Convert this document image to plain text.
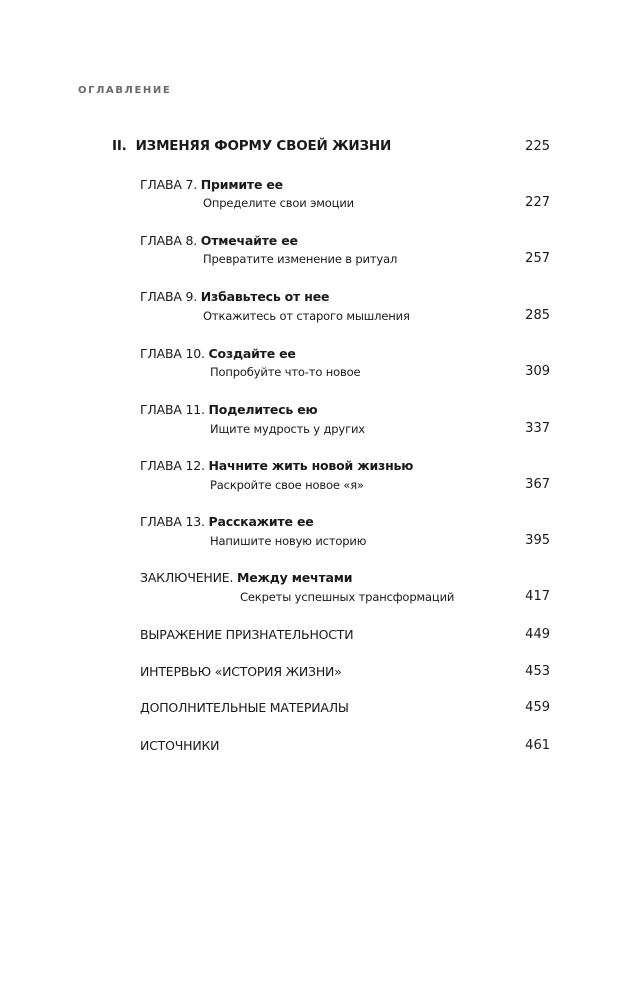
ОГЛАВЛЕНИЕ
II. ИЗМЕНЯЯ ФОРМУ СВОЕЙ ЖИЗНИ	225
ГЛАВА 7. Примите ее
Определите свои эмоции	227
ГЛАВА 8. Отмечайте ее
Превратите изменение в ритуал	257
ГЛАВА 9. Избавьтесь от нее
Откажитесь от старого мышления	285
ГЛАВА 10. Создайте ее
Попробуйте что-то новое	309
ГЛАВА 11. Поделитесь ею
Ищите мудрость у других	337
ГЛАВА 12. Начните жить новой жизнью
Раскройте свое новое «я»	367
ГЛАВА 13. Расскажите ее
Напишите новую историю	395
ЗАКЛЮЧЕНИЕ. Между мечтами
Секреты успешных трансформаций	417
ВЫРАЖЕНИЕ ПРИЗНАТЕЛЬНОСТИ	449
ИНТЕРВЬЮ «ИСТОРИЯ ЖИЗНИ»	453
ДОПОЛНИТЕЛЬНЫЕ МАТЕРИАЛЫ	459
ИСТОЧНИКИ	461
